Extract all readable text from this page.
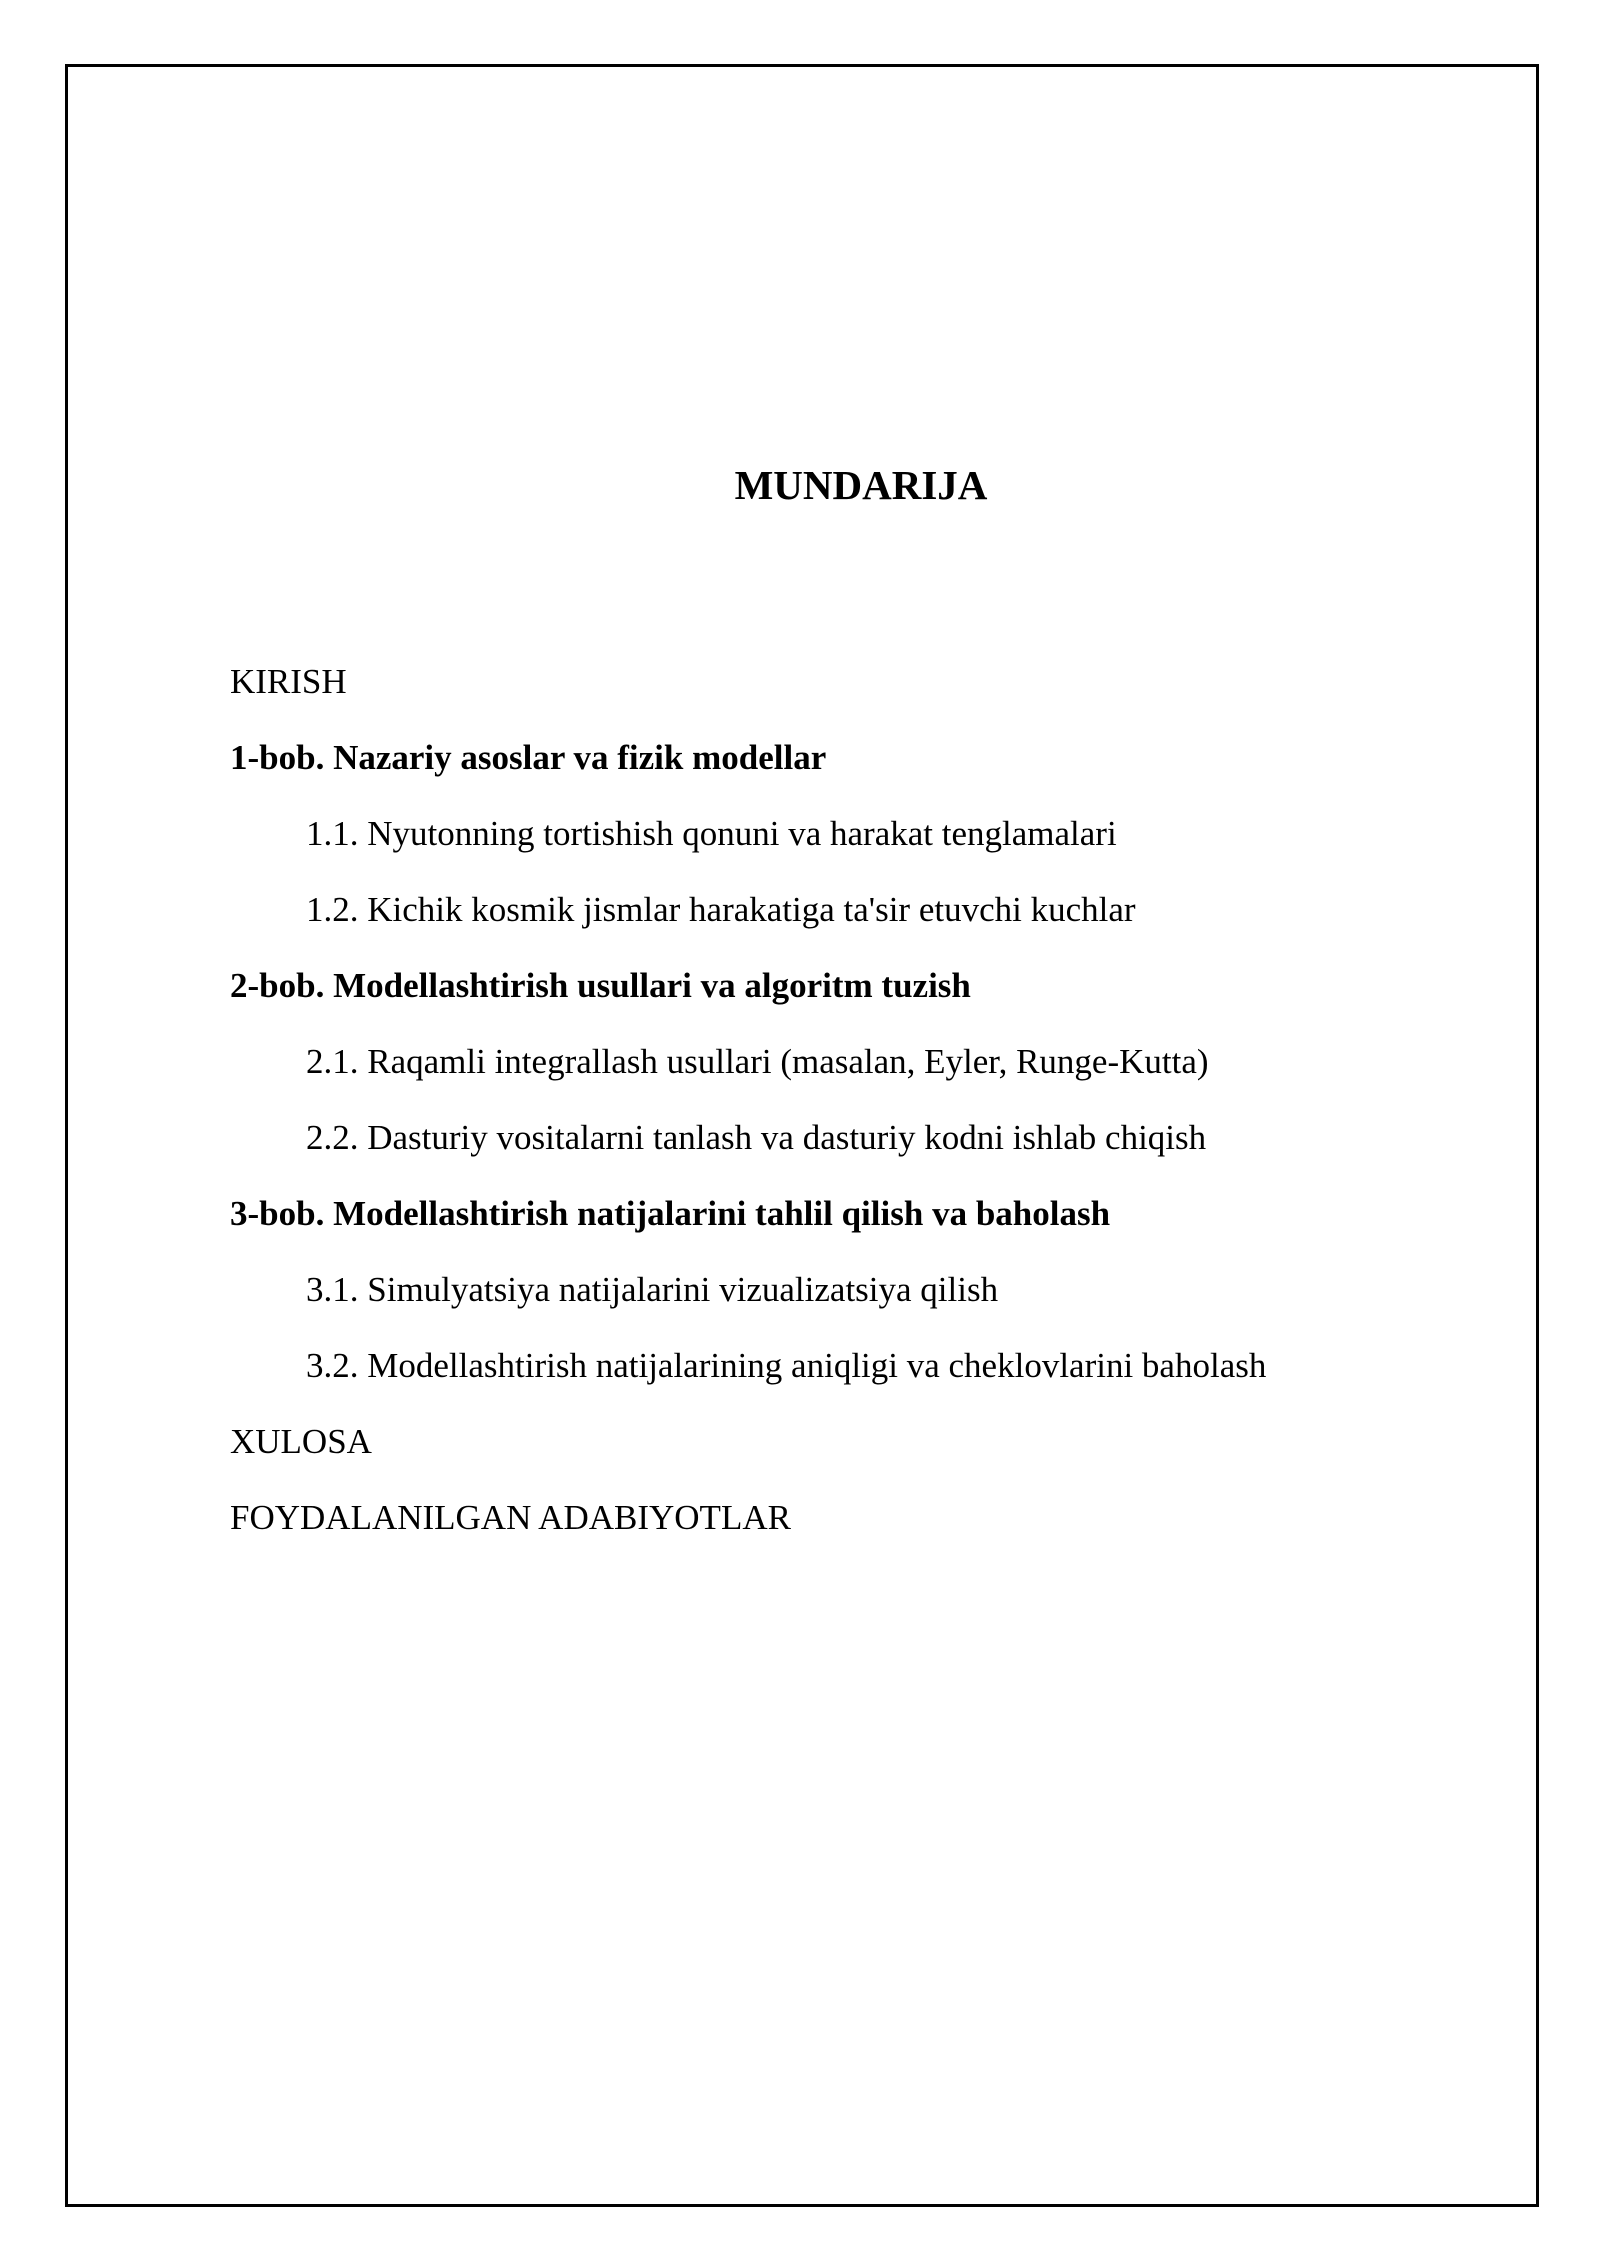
MUNDARIJA
KIRISH
1-bob. Nazariy asoslar va fizik modellar
1.1. Nyutonning tortishish qonuni va harakat tenglamalari
1.2. Kichik kosmik jismlar harakatiga ta'sir etuvchi kuchlar
2-bob. Modellashtirish usullari va algoritm tuzish
2.1. Raqamli integrallash usullari (masalan, Eyler, Runge-Kutta)
2.2. Dasturiy vositalarni tanlash va dasturiy kodni ishlab chiqish
3-bob. Modellashtirish natijalarini tahlil qilish va baholash
3.1. Simulyatsiya natijalarini vizualizatsiya qilish
3.2. Modellashtirish natijalarining aniqligi va cheklovlarini baholash
XULOSA
FOYDALANILGAN ADABIYOTLAR
